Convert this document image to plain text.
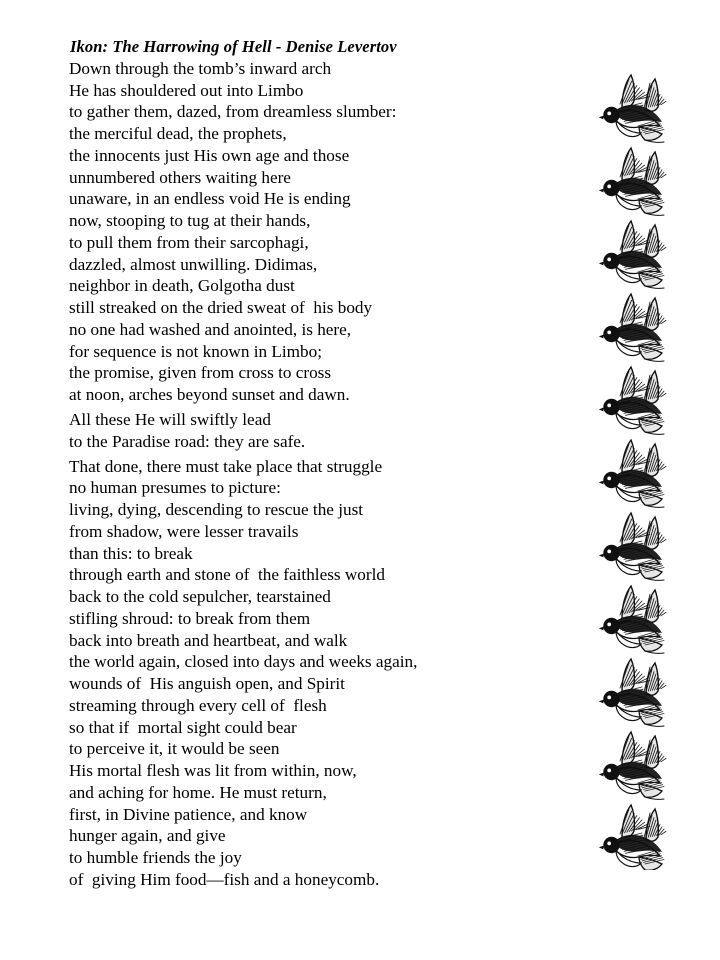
Ikon: The Harrowing of Hell - Denise Levertov
Down through the tomb’s inward arch
He has shouldered out into Limbo
to gather them, dazed, from dreamless slumber:
the merciful dead, the prophets,
the innocents just His own age and those
unnumbered others waiting here
unaware, in an endless void He is ending
now, stooping to tug at their hands,
to pull them from their sarcophagi,
dazzled, almost unwilling. Didimas,
neighbor in death, Golgotha dust
still streaked on the dried sweat of  his body
no one had washed and anointed, is here,
for sequence is not known in Limbo;
the promise, given from cross to cross
at noon, arches beyond sunset and dawn.
All these He will swiftly lead
to the Paradise road: they are safe.
That done, there must take place that struggle
no human presumes to picture:
living, dying, descending to rescue the just
from shadow, were lesser travails
than this: to break
through earth and stone of  the faithless world
back to the cold sepulcher, tearstained
stifling shroud: to break from them
back into breath and heartbeat, and walk
the world again, closed into days and weeks again,
wounds of  His anguish open, and Spirit
streaming through every cell of  flesh
so that if  mortal sight could bear
to perceive it, it would be seen
His mortal flesh was lit from within, now,
and aching for home. He must return,
first, in Divine patience, and know
hunger again, and give
to humble friends the joy
of  giving Him food—fish and a honeycomb.
